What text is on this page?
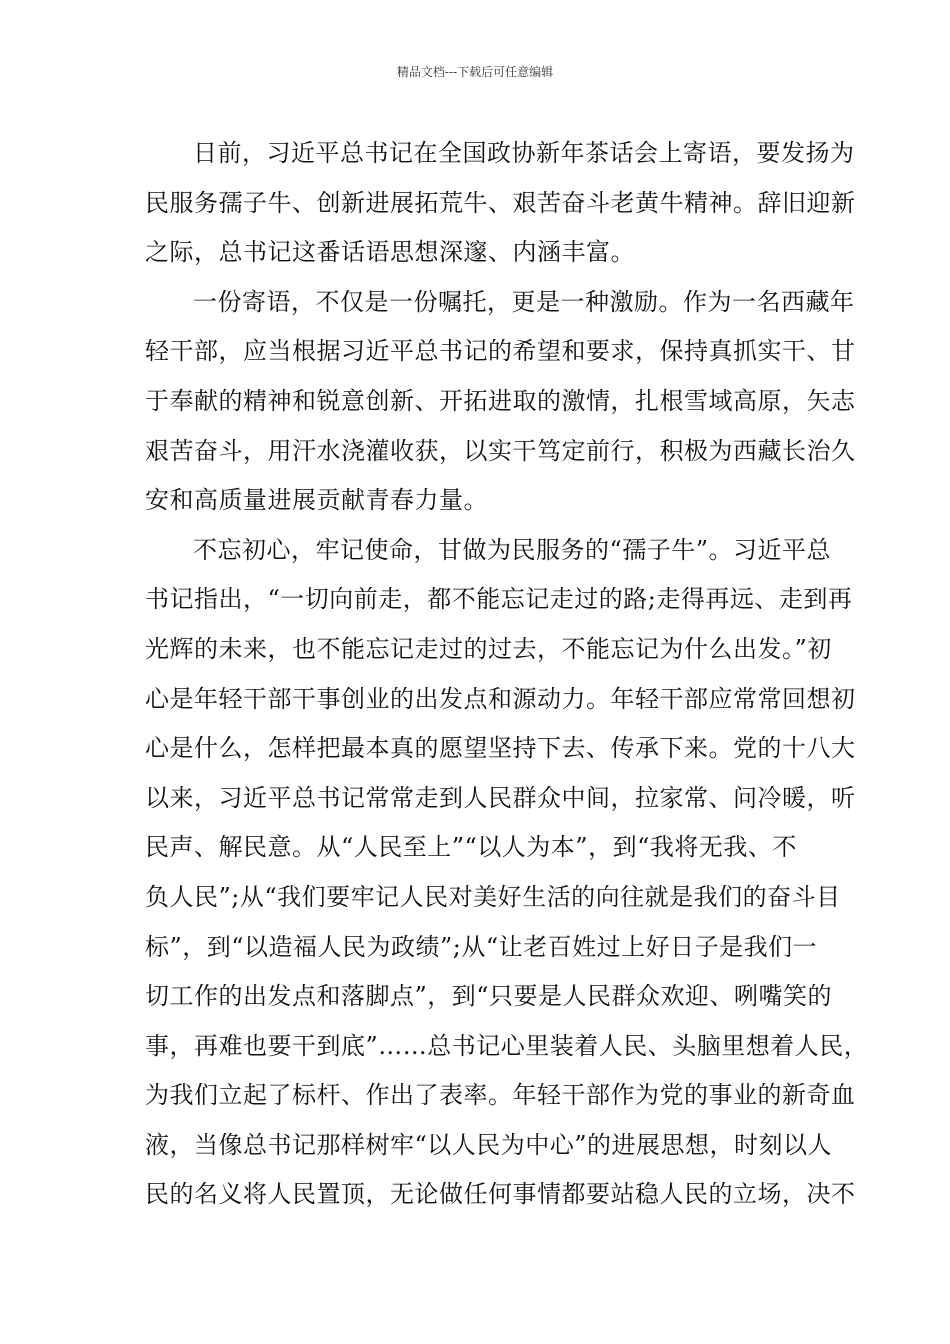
精品文档---下载后可任意编辑
日前，习近平总书记在全国政协新年茶话会上寄语，要发扬为
民服务孺子牛、创新进展拓荒牛、艰苦奋斗老黄牛精神。辞旧迎新
之际，总书记这番话语思想深邃、内涵丰富。
一份寄语，不仅是一份嘱托，更是一种激励。作为一名西藏年
轻干部，应当根据习近平总书记的希望和要求，保持真抓实干、甘
于奉献的精神和锐意创新、开拓进取的激情，扎根雪域高原，矢志
艰苦奋斗，用汗水浇灌收获，以实干笃定前行，积极为西藏长治久
安和高质量进展贡献青春力量。
不忘初心，牢记使命，甘做为民服务的“孺子牛”。习近平总
书记指出，“一切向前走，都不能忘记走过的路;走得再远、走到再
光辉的未来，也不能忘记走过的过去，不能忘记为什么出发。”初
心是年轻干部干事创业的出发点和源动力。年轻干部应常常回想初
心是什么，怎样把最本真的愿望坚持下去、传承下来。党的十八大
以来，习近平总书记常常走到人民群众中间，拉家常、问冷暖，听
民声、解民意。从“人民至上”“以人为本”，到“我将无我、不
负人民”;从“我们要牢记人民对美好生活的向往就是我们的奋斗目
标”，到“以造福人民为政绩”;从“让老百姓过上好日子是我们一
切工作的出发点和落脚点”，到“只要是人民群众欢迎、咧嘴笑的
事，再难也要干到底”……总书记心里装着人民、头脑里想着人民，
为我们立起了标杆、作出了表率。年轻干部作为党的事业的新奇血
液，当像总书记那样树牢“以人民为中心”的进展思想，时刻以人
民的名义将人民置顶，无论做任何事情都要站稳人民的立场，决不
